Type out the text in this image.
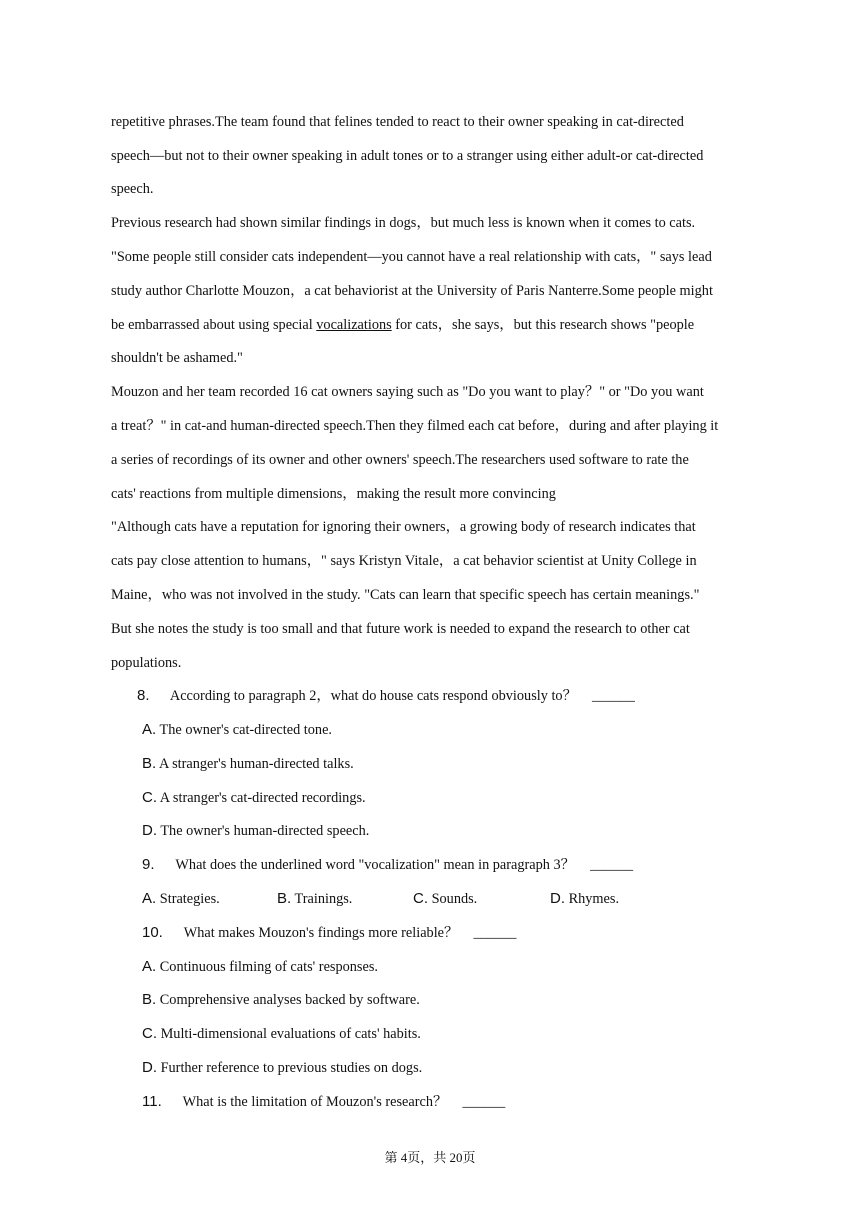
repetitive phrases.The team found that felines tended to react to their owner speaking in cat-directed
speech—but not to their owner speaking in adult tones or to a stranger using either adult-or cat-directed
speech.
Previous research had shown similar findings in dogs，but much less is known when it comes to cats.
"Some people still consider cats independent—you cannot have a real relationship with cats，" says lead
study author Charlotte Mouzon，a cat behaviorist at the University of Paris Nanterre.Some people might
be embarrassed about using special vocalizations for cats，she says，but this research shows "people
shouldn't be ashamed."
Mouzon and her team recorded 16 cat owners saying such as "Do you want to play？" or "Do you want
a treat？" in cat-and human-directed speech.Then they filmed each cat before，during and after playing it
a series of recordings of its owner and other owners' speech.The researchers used software to rate the
cats' reactions from multiple dimensions，making the result more convincing
"Although cats have a reputation for ignoring their owners，a growing body of research indicates that
cats pay close attention to humans，" says Kristyn Vitale，a cat behavior scientist at Unity College in
Maine，who was not involved in the study. "Cats can learn that specific speech has certain meanings."
But she notes the study is too small and that future work is needed to expand the research to other cat
populations.
8. According to paragraph 2，what do house cats respond obviously to？ ______
A. The owner's cat-directed tone.
B. A stranger's human-directed talks.
C. A stranger's cat-directed recordings.
D. The owner's human-directed speech.
9. What does the underlined word "vocalization" mean in paragraph 3？ ______
A. Strategies.	B. Trainings.	C. Sounds.	D. Rhymes.
10. What makes Mouzon's findings more reliable？ ______
A. Continuous filming of cats' responses.
B. Comprehensive analyses backed by software.
C. Multi-dimensional evaluations of cats' habits.
D. Further reference to previous studies on dogs.
11. What is the limitation of Mouzon's research？ ______
第 4页，共 20页
